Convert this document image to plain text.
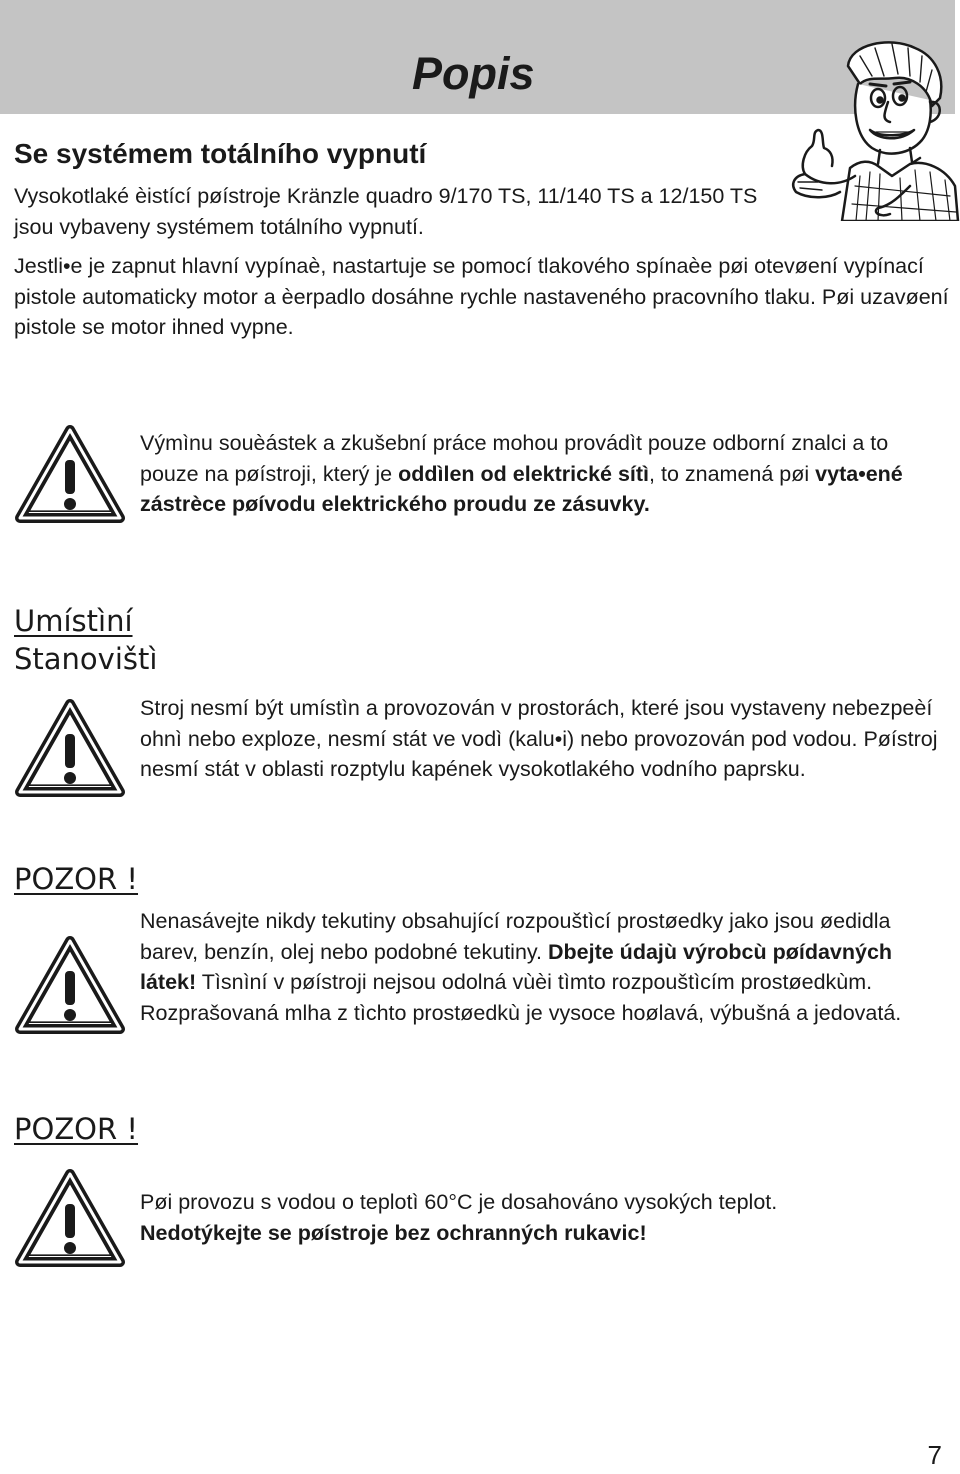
Popis
Se systémem totálního vypnutí
Vysokotlaké èistící pøístroje Kränzle quadro 9/170 TS, 11/140 TS a 12/150 TS jsou vybaveny systémem totálního vypnutí.
Jestli•e je zapnut hlavní vypínaè, nastartuje se pomocí tlakového spínaèe pøi otevøení vypínací pistole automaticky motor a èerpadlo dosáhne rychle nastaveného pracovního tlaku. Pøi uzavøení pistole se motor ihned vypne.
Výmìnu souèástek a zkušební práce mohou provádìt pouze odborní znalci a to pouze na pøístroji, který je oddìlen od elektrické sítì, to znamená pøi vyta•ené zástrèce pøívodu elektrického proudu ze zásuvky.
Umístìní
Stanovištì
Stroj nesmí být umístìn a provozován v prostorách, které jsou vystaveny nebezpeèí ohnì nebo exploze, nesmí stát ve vodì (kalu•i) nebo provozován pod vodou. Pøístroj nesmí stát v oblasti rozptylu kapének vysokotlakého vodního paprsku.
POZOR !
Nenasávejte nikdy tekutiny obsahující rozpouštìcí prostøedky jako jsou øedidla barev, benzín, olej nebo podobné tekutiny. Dbejte údajù výrobcù pøídavných látek! Tìsnìní v pøístroji nejsou odolná vùèi tìmto rozpouštìcím prostøedkùm. Rozprašovaná mlha z tìchto prostøedkù je vysoce hoølavá, výbušná a jedovatá.
POZOR !
Pøi provozu s vodou o teplotì 60°C je dosahováno vysokých teplot.
Nedotýkejte se pøístroje bez ochranných rukavic!
7
